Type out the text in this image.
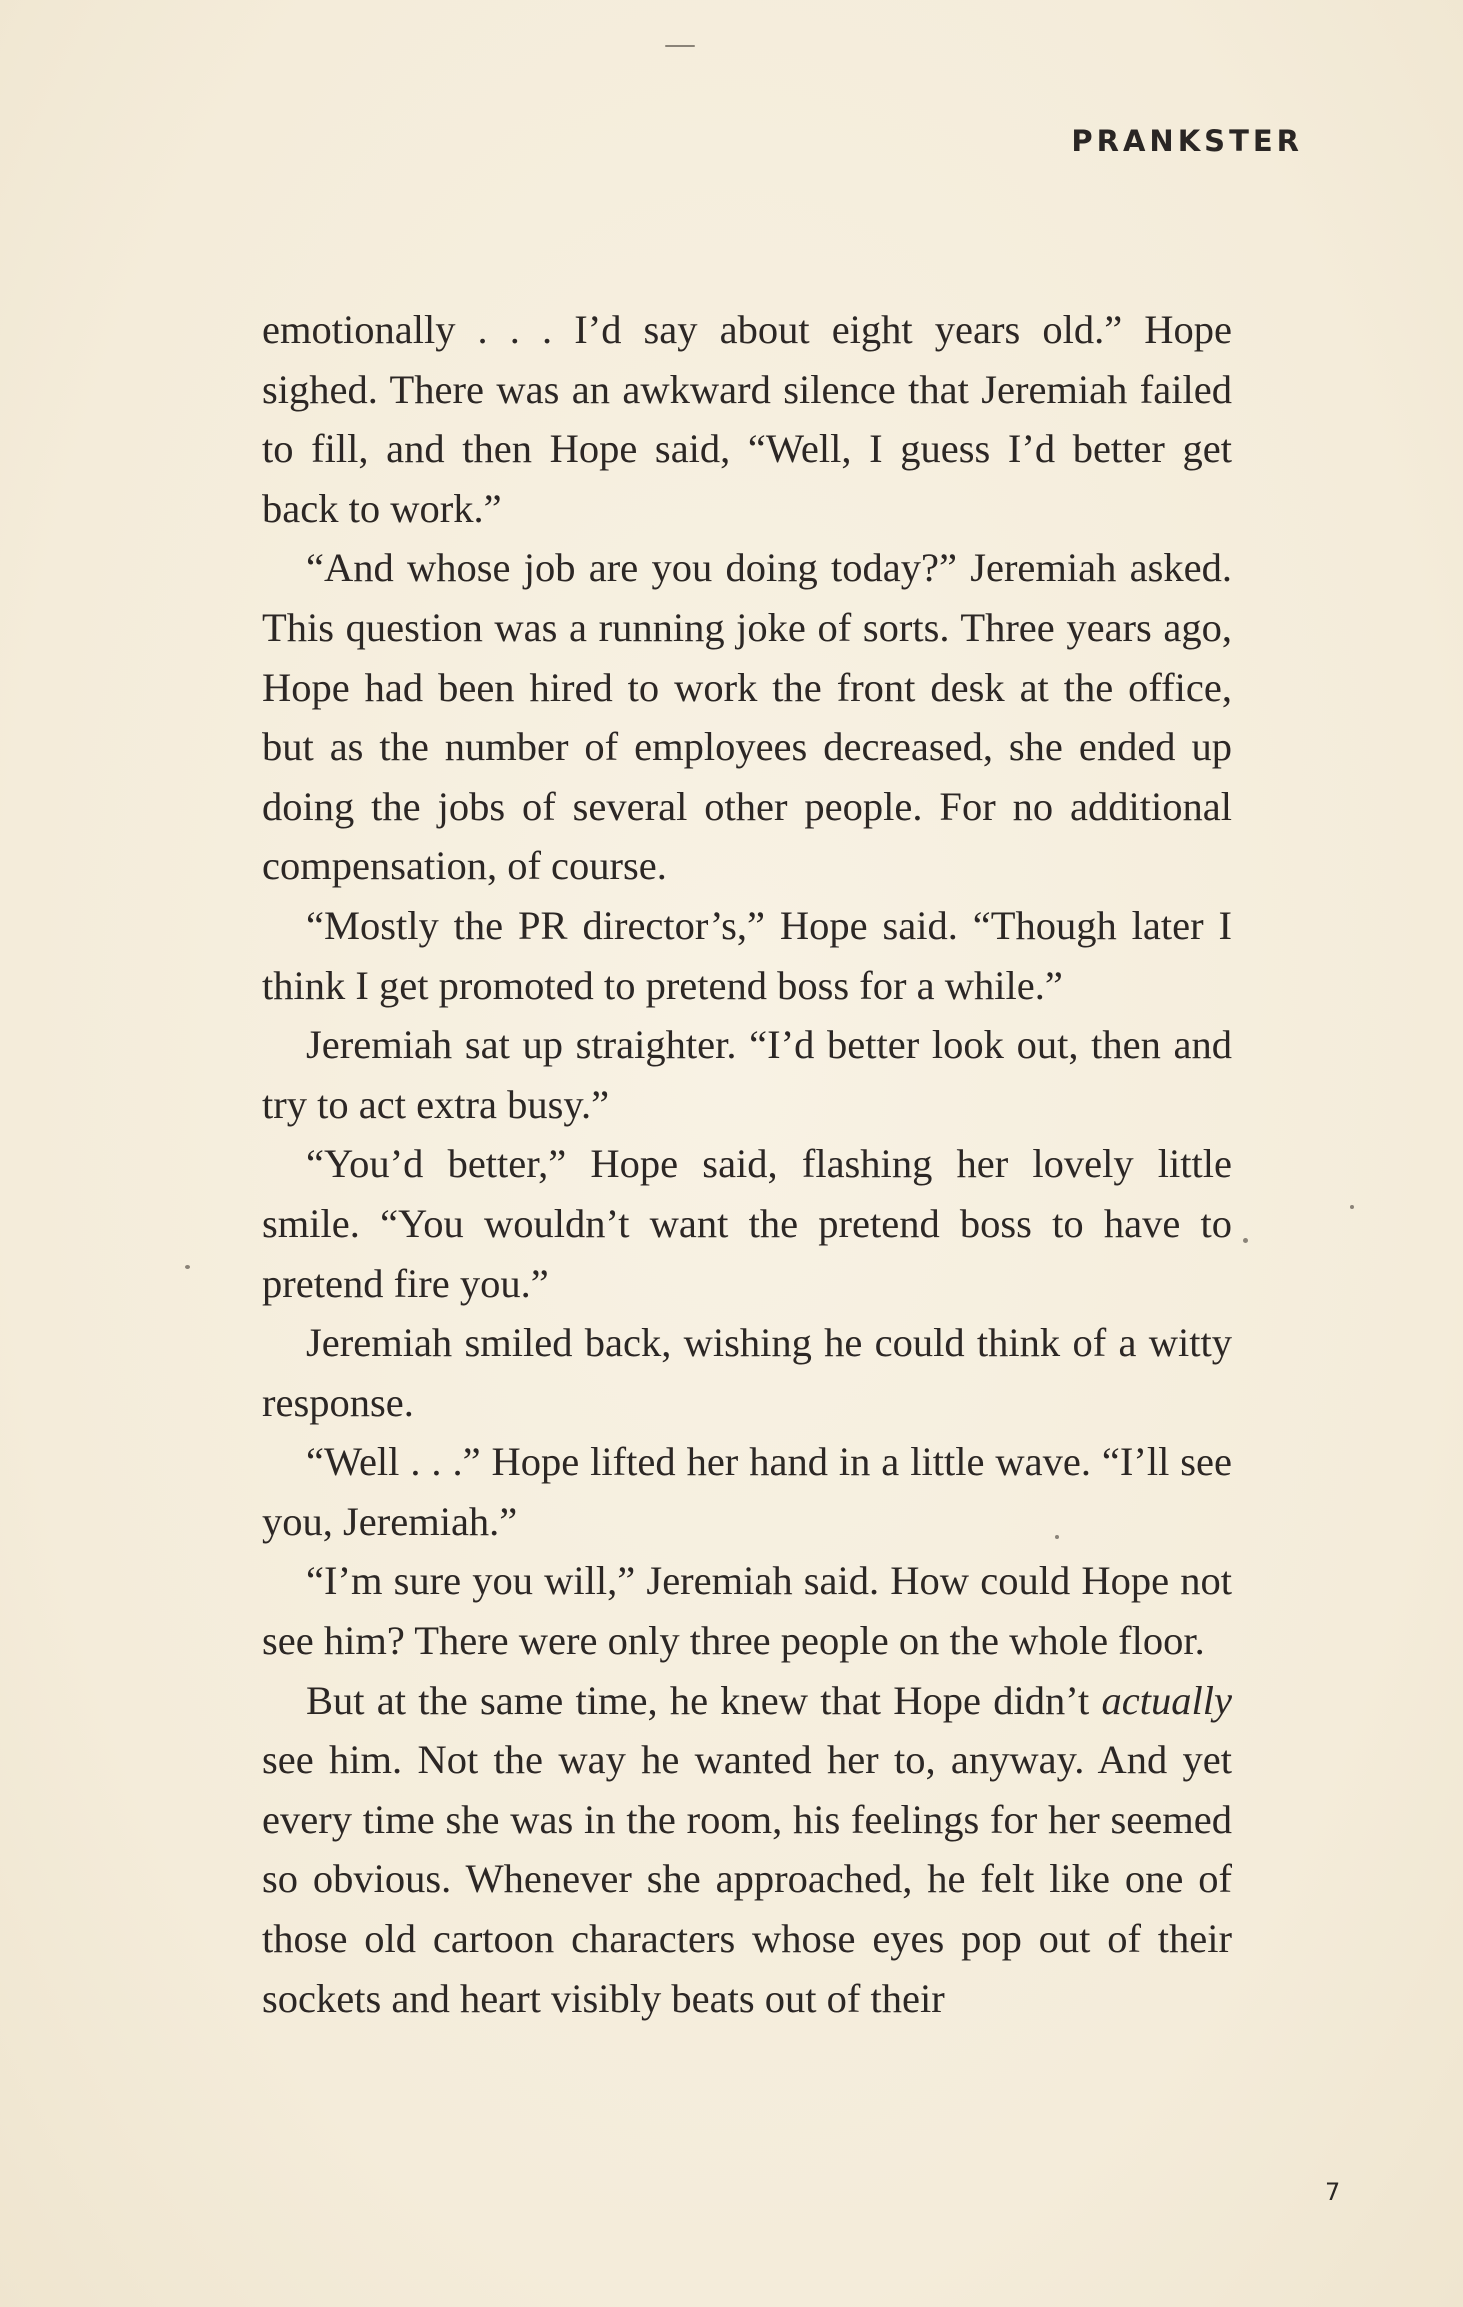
PRANKSTER

emotionally . . . I’d say about eight years old.” Hope sighed. There was an awkward silence that Jeremiah failed to fill, and then Hope said, “Well, I guess I’d better get back to work.”

“And whose job are you doing today?” Jeremiah asked. This question was a running joke of sorts. Three years ago, Hope had been hired to work the front desk at the office, but as the number of employees decreased, she ended up doing the jobs of several other people. For no additional compensation, of course.

“Mostly the PR director’s,” Hope said. “Though later I think I get promoted to pretend boss for a while.”

Jeremiah sat up straighter. “I’d better look out, then and try to act extra busy.”

“You’d better,” Hope said, flashing her lovely little smile. “You wouldn’t want the pretend boss to have to pretend fire you.”

Jeremiah smiled back, wishing he could think of a witty response.

“Well . . .” Hope lifted her hand in a little wave. “I’ll see you, Jeremiah.”

“I’m sure you will,” Jeremiah said. How could Hope not see him? There were only three people on the whole floor.

But at the same time, he knew that Hope didn’t actually see him. Not the way he wanted her to, anyway. And yet every time she was in the room, his feelings for her seemed so obvious. Whenever she approached, he felt like one of those old cartoon characters whose eyes pop out of their sockets and heart visibly beats out of their

7
